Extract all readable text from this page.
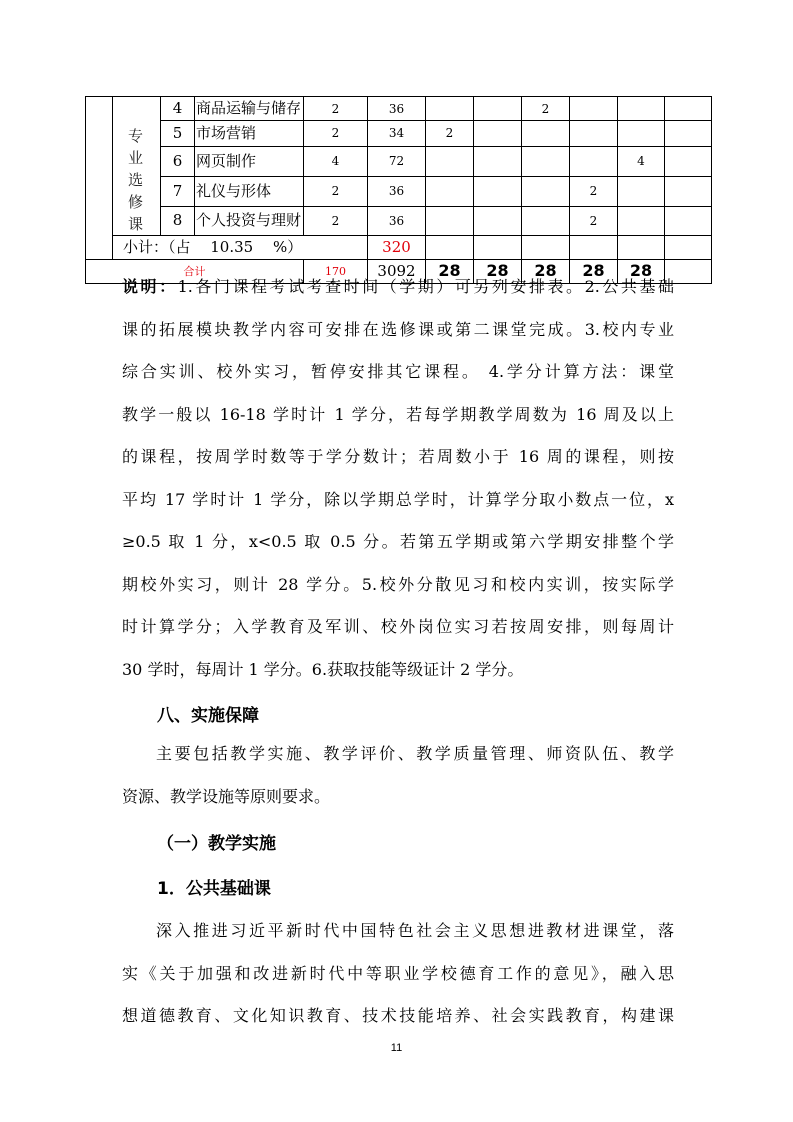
		4	商品运输与储存	2	36			2			
	专业选修课	5	市场营销	2	34	2					
		6	网页制作	4	72					4	
		7	礼仪与形体	2	36				2		
		8	个人投资与理财	2	36				2		
	小计：（占　 10.35　 %）				320						
合计				170	3092	28	28	28	28	28	
说明：1.各门课程考试考查时间（学期）可另列安排表。2.公共基础
课的拓展模块教学内容可安排在选修课或第二课堂完成。3.校内专业
综合实训、校外实习，暂停安排其它课程。 4.学分计算方法：课堂
教学一般以 16-18 学时计 1 学分，若每学期教学周数为 16 周及以上
的课程，按周学时数等于学分数计；若周数小于 16 周的课程，则按
平均 17 学时计 1 学分，除以学期总学时，计算学分取小数点一位，x
≥0.5 取 1 分，x<0.5 取 0.5 分。若第五学期或第六学期安排整个学
期校外实习，则计 28 学分。5.校外分散见习和校内实训，按实际学
时计算学分；入学教育及军训、校外岗位实习若按周安排，则每周计
30 学时，每周计 1 学分。6.获取技能等级证计 2 学分。

八、实施保障

主要包括教学实施、教学评价、教学质量管理、师资队伍、教学
资源、教学设施等原则要求。

（一）教学实施

1．公共基础课

深入推进习近平新时代中国特色社会主义思想进教材进课堂，落
实《关于加强和改进新时代中等职业学校德育工作的意见》，融入思
想道德教育、文化知识教育、技术技能培养、社会实践教育，构建课
11
